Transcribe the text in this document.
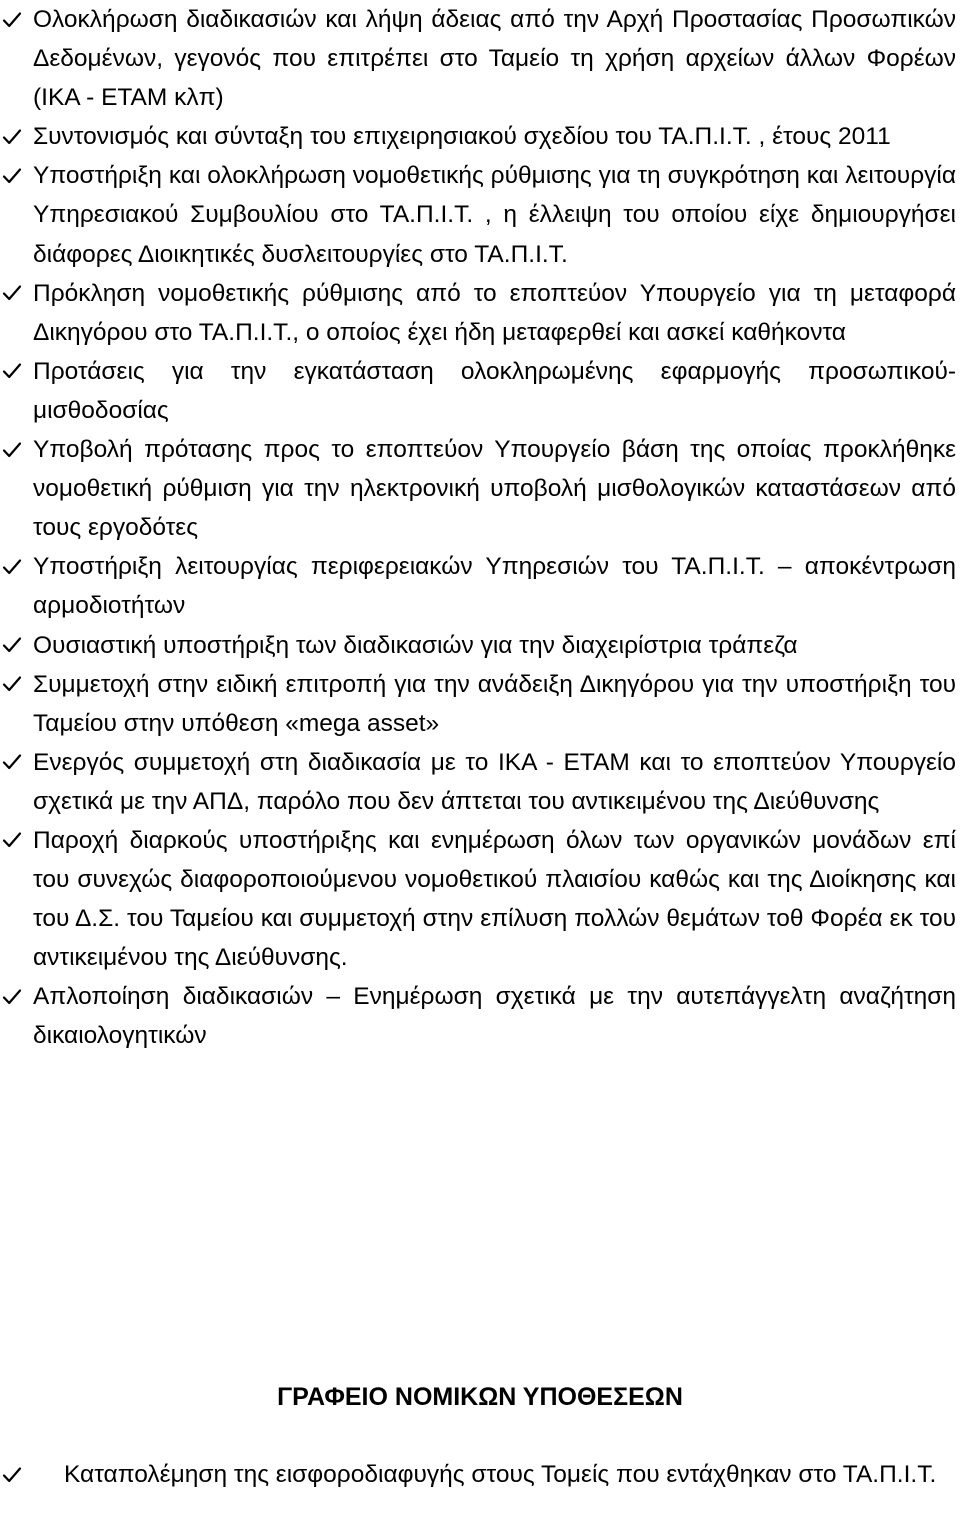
Ολοκλήρωση διαδικασιών και λήψη άδειας από την Αρχή Προστασίας Προσωπικών Δεδομένων, γεγονός που επιτρέπει στο Ταμείο τη χρήση αρχείων άλλων Φορέων (ΙΚΑ - ΕΤΑΜ κλπ)
Συντονισμός και σύνταξη του επιχειρησιακού σχεδίου του ΤΑ.Π.Ι.Τ. , έτους 2011
Υποστήριξη και ολοκλήρωση νομοθετικής ρύθμισης για τη συγκρότηση και λειτουργία Υπηρεσιακού Συμβουλίου στο ΤΑ.Π.Ι.Τ. , η έλλειψη του οποίου είχε δημιουργήσει διάφορες Διοικητικές δυσλειτουργίες στο ΤΑ.Π.Ι.Τ.
Πρόκληση νομοθετικής ρύθμισης από το εποπτεύον Υπουργείο για τη μεταφορά Δικηγόρου στο ΤΑ.Π.Ι.Τ., ο οποίος έχει ήδη μεταφερθεί και ασκεί καθήκοντα
Προτάσεις για την εγκατάσταση ολοκληρωμένης εφαρμογής προσωπικού-μισθοδοσίας
Υποβολή πρότασης προς το εποπτεύον Υπουργείο βάση της οποίας προκλήθηκε νομοθετική ρύθμιση για την ηλεκτρονική υποβολή μισθολογικών καταστάσεων από τους εργοδότες
Υποστήριξη λειτουργίας περιφερειακών Υπηρεσιών του ΤΑ.Π.Ι.Τ. – αποκέντρωση αρμοδιοτήτων
Ουσιαστική υποστήριξη των διαδικασιών για την διαχειρίστρια τράπεζα
Συμμετοχή στην ειδική επιτροπή για την ανάδειξη Δικηγόρου για την υποστήριξη του Ταμείου στην υπόθεση «mega asset»
Ενεργός συμμετοχή στη διαδικασία με το ΙΚΑ - ΕΤΑΜ και το εποπτεύον Υπουργείο σχετικά με την ΑΠΔ, παρόλο που δεν άπτεται του αντικειμένου της Διεύθυνσης
Παροχή διαρκούς υποστήριξης και ενημέρωση όλων των οργανικών μονάδων επί του συνεχώς διαφοροποιούμενου νομοθετικού πλαισίου καθώς και της Διοίκησης και του Δ.Σ. του Ταμείου και συμμετοχή στην επίλυση πολλών θεμάτων τοθ Φορέα εκ του αντικειμένου της Διεύθυνσης.
Απλοποίηση διαδικασιών – Ενημέρωση σχετικά με την αυτεπάγγελτη αναζήτηση δικαιολογητικών
ΓΡΑΦΕΙΟ ΝΟΜΙΚΩΝ ΥΠΟΘΕΣΕΩΝ
Καταπολέμηση της εισφοροδιαφυγής στους Τομείς που εντάχθηκαν στο ΤΑ.Π.Ι.Τ.
